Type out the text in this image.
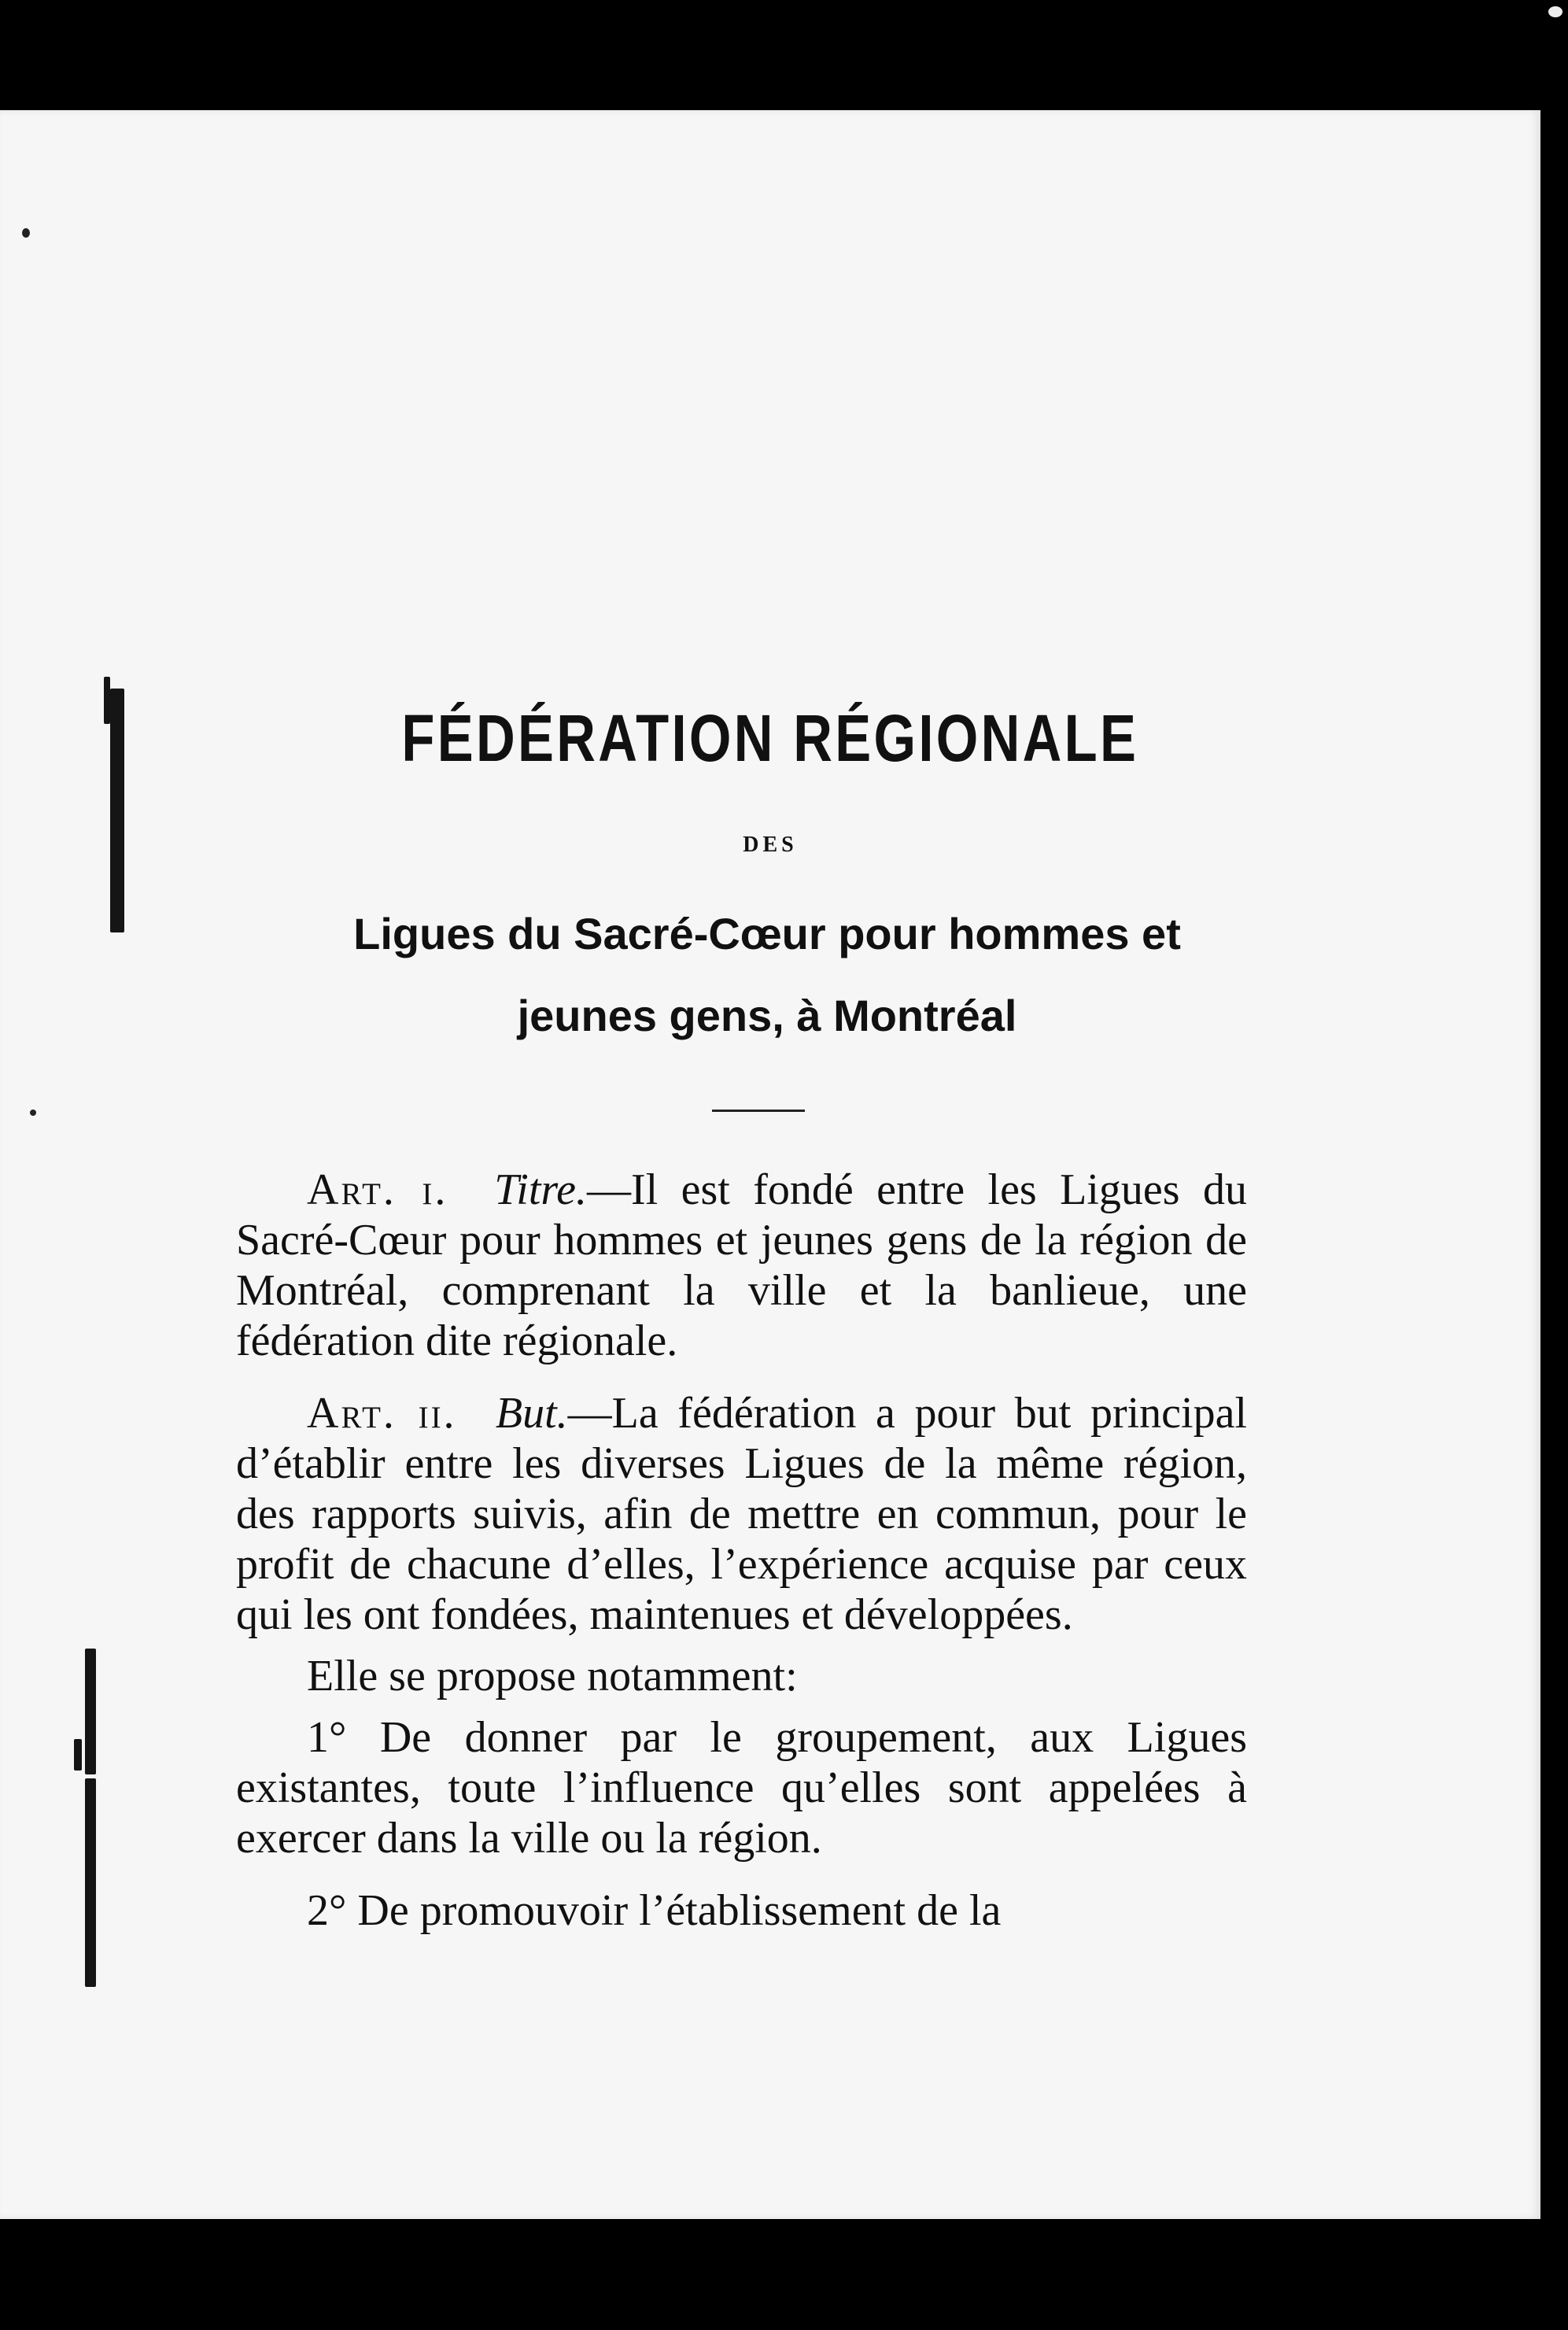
FÉDÉRATION RÉGIONALE
DES
Ligues du Sacré-Cœur pour hommes et
jeunes gens, à Montréal

Art. i. Titre.—Il est fondé entre les Ligues du Sacré-Cœur pour hommes et jeunes gens de la région de Montréal, comprenant la ville et la banlieue, une fédération dite régionale.

Art. ii. But.—La fédération a pour but principal d’établir entre les diverses Ligues de la même région, des rapports suivis, afin de mettre en commun, pour le profit de chacune d’elles, l’expérience acquise par ceux qui les ont fondées, maintenues et développées.

Elle se propose notamment:

1° De donner par le groupement, aux Ligues existantes, toute l’influence qu’elles sont appelées à exercer dans la ville ou la région.

2° De promouvoir l’établissement de la
